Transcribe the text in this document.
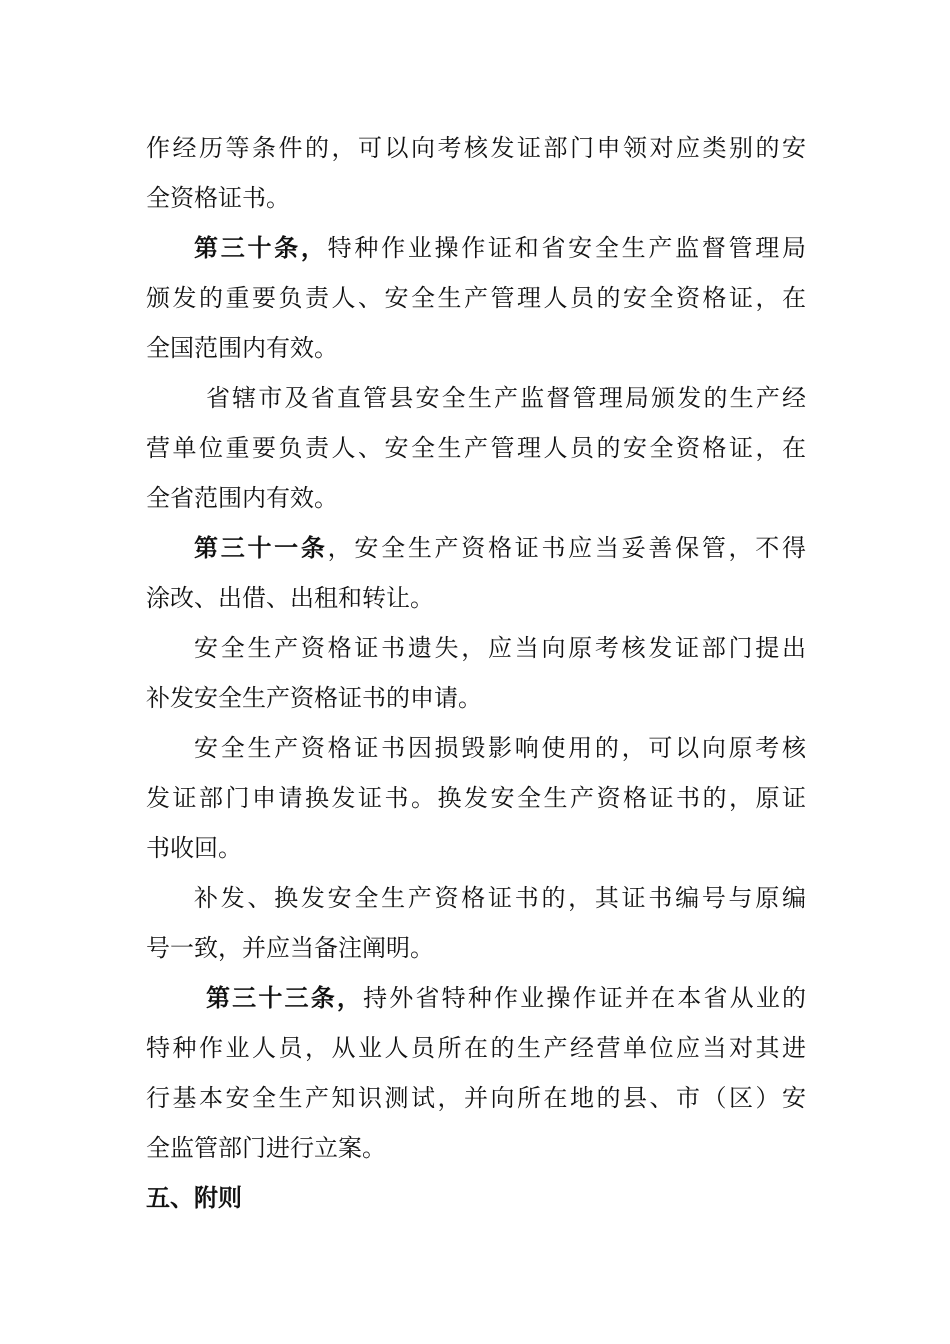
作经历等条件的，可以向考核发证部门申领对应类别的安
全资格证书。
第三十条，特种作业操作证和省安全生产监督管理局
颁发的重要负责人、安全生产管理人员的安全资格证，在
全国范围内有效。
省辖市及省直管县安全生产监督管理局颁发的生产经
营单位重要负责人、安全生产管理人员的安全资格证，在
全省范围内有效。
第三十一条，安全生产资格证书应当妥善保管，不得
涂改、出借、出租和转让。
安全生产资格证书遗失，应当向原考核发证部门提出
补发安全生产资格证书的申请。
安全生产资格证书因损毁影响使用的，可以向原考核
发证部门申请换发证书。换发安全生产资格证书的，原证
书收回。
补发、换发安全生产资格证书的，其证书编号与原编
号一致，并应当备注阐明。
第三十三条，持外省特种作业操作证并在本省从业的
特种作业人员，从业人员所在的生产经营单位应当对其进
行基本安全生产知识测试，并向所在地的县、市（区）安
全监管部门进行立案。
五、附则
